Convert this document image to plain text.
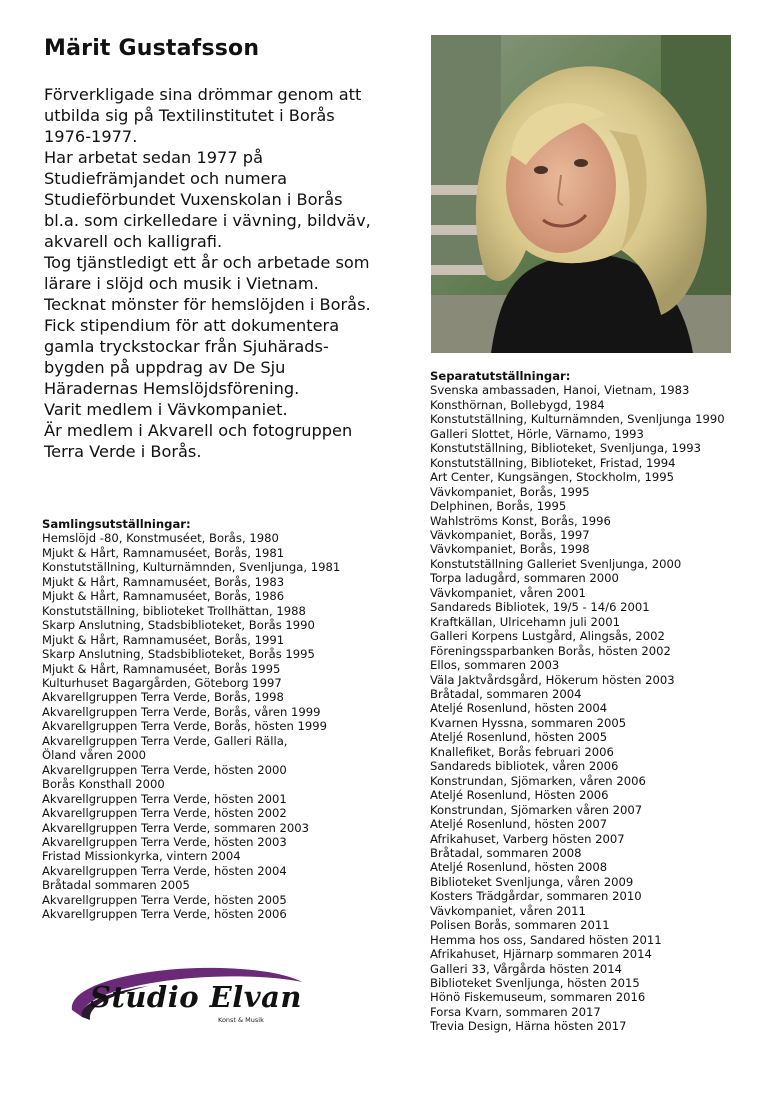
Märit Gustafsson
Förverkligade sina drömmar genom att
utbilda sig på Textilinstitutet i Borås
1976-1977.
Har arbetat sedan 1977 på
Studiefrämjandet och numera
Studieförbundet Vuxenskolan i Borås
bl.a. som cirkelledare i vävning, bildväv,
akvarell och kalligrafi.
Tog tjänstledigt ett år och arbetade som
lärare i slöjd och musik i Vietnam.
Tecknat mönster för hemslöjden i Borås.
Fick stipendium för att dokumentera
gamla tryckstockar från Sjuhärads-
bygden på uppdrag av De Sju
Häradernas Hemslöjdsförening.
Varit medlem i Vävkompaniet.
Är medlem i Akvarell och fotogruppen
Terra Verde i Borås.
Separatutställningar:
Svenska ambassaden, Hanoi, Vietnam, 1983
Konsthörnan, Bollebygd, 1984
Konstutställning, Kulturnämnden, Svenljunga 1990
Galleri Slottet, Hörle, Värnamo, 1993
Konstutställning, Biblioteket, Svenljunga, 1993
Konstutställning, Biblioteket, Fristad, 1994
Art Center, Kungsängen, Stockholm, 1995
Vävkompaniet, Borås, 1995
Delphinen, Borås, 1995
Wahlströms Konst, Borås, 1996
Vävkompaniet, Borås, 1997
Vävkompaniet, Borås, 1998
Konstutställning Galleriet Svenljunga, 2000
Torpa ladugård, sommaren 2000
Vävkompaniet, våren 2001
Sandareds Bibliotek, 19/5 - 14/6 2001
Kraftkällan, Ulricehamn juli 2001
Galleri Korpens Lustgård, Alingsås, 2002
Föreningssparbanken Borås, hösten 2002
Ellos, sommaren 2003
Väla Jaktvårdsgård, Hökerum hösten 2003
Bråtadal, sommaren 2004
Ateljé Rosenlund, hösten 2004
Kvarnen Hyssna, sommaren 2005
Ateljé Rosenlund, hösten 2005
Knallefiket, Borås februari 2006
Sandareds bibliotek, våren 2006
Konstrundan, Sjömarken, våren 2006
Ateljé Rosenlund, Hösten 2006
Konstrundan, Sjömarken våren 2007
Ateljé Rosenlund, hösten 2007
Afrikahuset, Varberg hösten 2007
Bråtadal, sommaren 2008
Ateljé Rosenlund, hösten 2008
Biblioteket Svenljunga, våren 2009
Kosters Trädgårdar, sommaren 2010
Vävkompaniet, våren 2011
Polisen Borås, sommaren 2011
Hemma hos oss, Sandared hösten 2011
Afrikahuset, Hjärnarp sommaren 2014
Galleri 33, Vårgårda hösten 2014
Biblioteket Svenljunga, hösten 2015
Hönö Fiskemuseum, sommaren 2016
Forsa Kvarn, sommaren 2017
Trevia Design, Härna hösten 2017
Samlingsutställningar:
Hemslöjd -80, Konstmuséet, Borås, 1980
Mjukt & Hårt, Ramnamuséet, Borås, 1981
Konstutställning, Kulturnämnden, Svenljunga, 1981
Mjukt & Hårt, Ramnamuséet, Borås, 1983
Mjukt & Hårt, Ramnamuséet, Borås, 1986
Konstutställning, biblioteket Trollhättan, 1988
Skarp Anslutning, Stadsbiblioteket, Borås 1990
Mjukt & Hårt, Ramnamuséet, Borås, 1991
Skarp Anslutning, Stadsbiblioteket, Borås 1995
Mjukt & Hårt, Ramnamuséet, Borås 1995
Kulturhuset Bagargården, Göteborg 1997
Akvarellgruppen Terra Verde, Borås, 1998
Akvarellgruppen Terra Verde, Borås, våren 1999
Akvarellgruppen Terra Verde, Borås, hösten 1999
Akvarellgruppen Terra Verde, Galleri Rälla,
Öland våren 2000
Akvarellgruppen Terra Verde, hösten 2000
Borås Konsthall 2000
Akvarellgruppen Terra Verde, hösten 2001
Akvarellgruppen Terra Verde, hösten 2002
Akvarellgruppen Terra Verde, sommaren 2003
Akvarellgruppen Terra Verde, hösten 2003
Fristad Missionkyrka, vintern 2004
Akvarellgruppen Terra Verde, hösten 2004
Bråtadal sommaren 2005
Akvarellgruppen Terra Verde, hösten 2005
Akvarellgruppen Terra Verde, hösten 2006
Studio Elvan
Konst & Musik
